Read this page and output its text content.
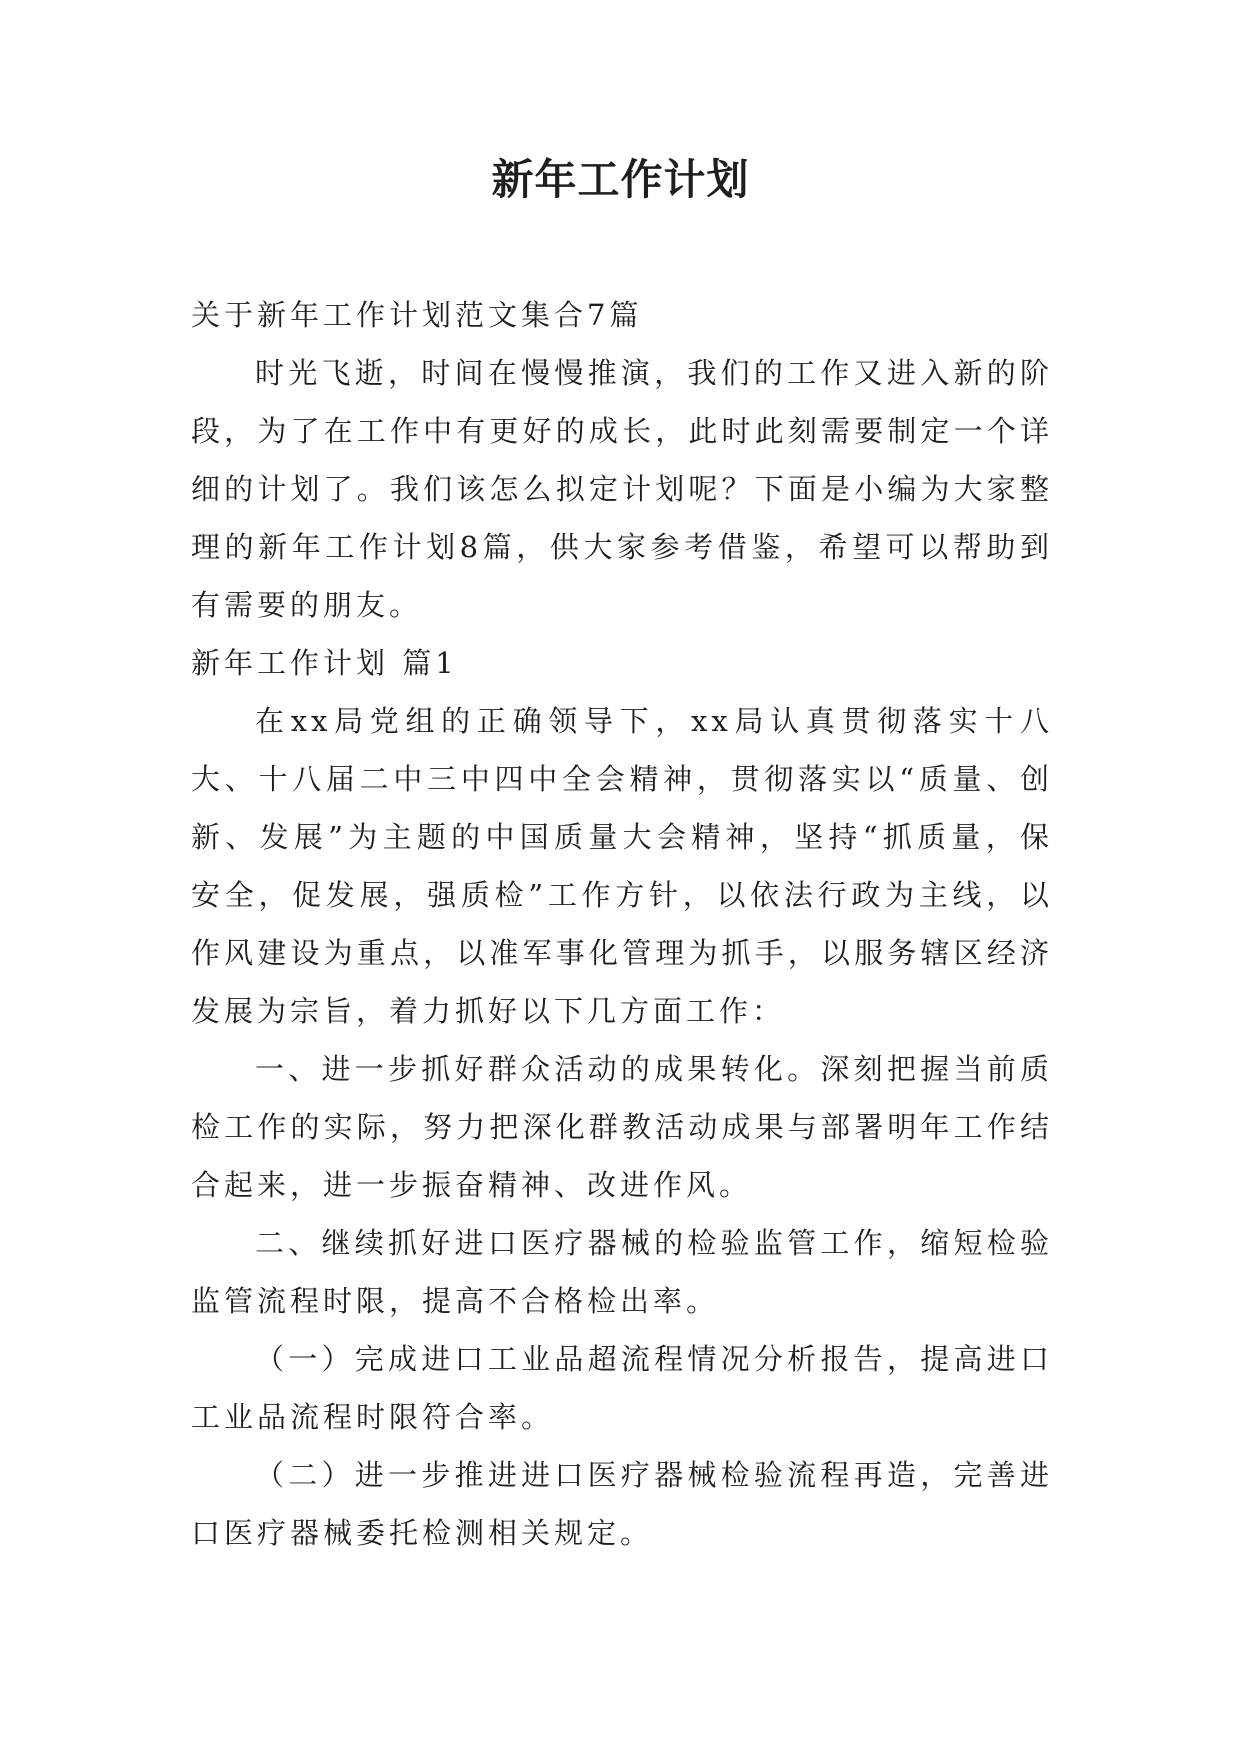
新年工作计划

关于新年工作计划范文集合7篇

时光飞逝，时间在慢慢推演，我们的工作又进入新的阶段，为了在工作中有更好的成长，此时此刻需要制定一个详细的计划了。我们该怎么拟定计划呢？下面是小编为大家整理的新年工作计划8篇，供大家参考借鉴，希望可以帮助到有需要的朋友。

新年工作计划 篇1

在xx局党组的正确领导下，xx局认真贯彻落实十八大、十八届二中三中四中全会精神，贯彻落实以“质量、创新、发展”为主题的中国质量大会精神，坚持“抓质量，保安全，促发展，强质检”工作方针，以依法行政为主线，以作风建设为重点，以准军事化管理为抓手，以服务辖区经济发展为宗旨，着力抓好以下几方面工作：

一、进一步抓好群众活动的成果转化。深刻把握当前质检工作的实际，努力把深化群教活动成果与部署明年工作结合起来，进一步振奋精神、改进作风。

二、继续抓好进口医疗器械的检验监管工作，缩短检验监管流程时限，提高不合格检出率。

（一）完成进口工业品超流程情况分析报告，提高进口工业品流程时限符合率。

（二）进一步推进进口医疗器械检验流程再造，完善进口医疗器械委托检测相关规定。
